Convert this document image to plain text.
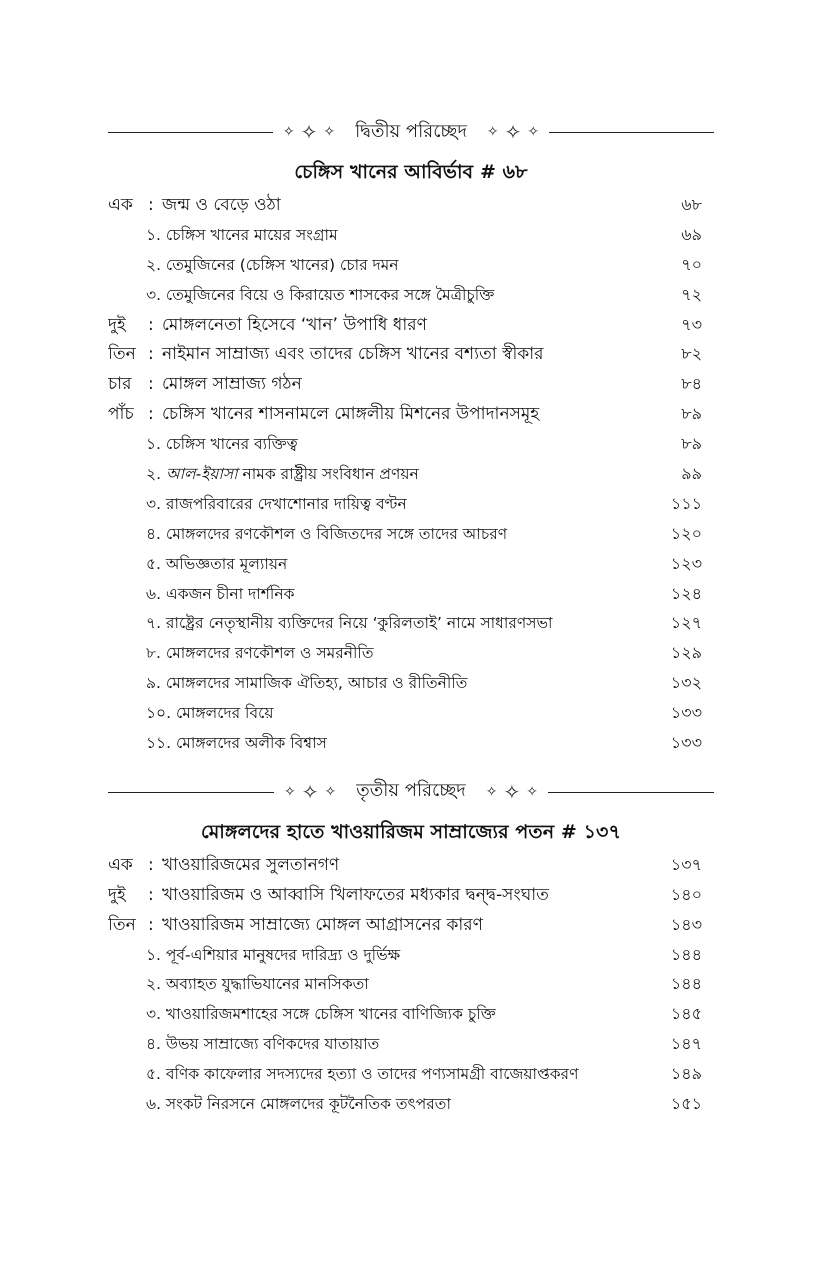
✧ ✧ ✧	দ্বিতীয় পরিচ্ছেদ	✧ ✧ ✧
চেঙ্গিস খানের আবির্ভাব # ৬৮
এক : জন্ম ও বেড়ে ওঠা	৬৮
১. চেঙ্গিস খানের মায়ের সংগ্রাম	৬৯
২. তেমুজিনের (চেঙ্গিস খানের) চোর দমন	৭০
৩. তেমুজিনের বিয়ে ও কিরায়েত শাসকের সঙ্গে মৈত্রীচুক্তি	৭২
দুই : মোঙ্গলনেতা হিসেবে ‘খান’ উপাধি ধারণ	৭৩
তিন : নাইমান সাম্রাজ্য এবং তাদের চেঙ্গিস খানের বশ্যতা স্বীকার	৮২
চার : মোঙ্গল সাম্রাজ্য গঠন	৮৪
পাঁচ : চেঙ্গিস খানের শাসনামলে মোঙ্গলীয় মিশনের উপাদানসমূহ	৮৯
১. চেঙ্গিস খানের ব্যক্তিত্ব	৮৯
২. আল-ইয়াসা নামক রাষ্ট্রীয় সংবিধান প্রণয়ন	৯৯
৩. রাজপরিবারের দেখাশোনার দায়িত্ব বণ্টন	১১১
৪. মোঙ্গলদের রণকৌশল ও বিজিতদের সঙ্গে তাদের আচরণ	১২০
৫. অভিজ্ঞতার মূল্যায়ন	১২৩
৬. একজন চীনা দার্শনিক	১২৪
৭. রাষ্ট্রের নেতৃস্থানীয় ব্যক্তিদের নিয়ে ‘কুরিলতাই’ নামে সাধারণসভা	১২৭
৮. মোঙ্গলদের রণকৌশল ও সমরনীতি	১২৯
৯. মোঙ্গলদের সামাজিক ঐতিহ্য, আচার ও রীতিনীতি	১৩২
১০. মোঙ্গলদের বিয়ে	১৩৩
১১. মোঙ্গলদের অলীক বিশ্বাস	১৩৩
✧ ✧ ✧	তৃতীয় পরিচ্ছেদ	✧ ✧ ✧
মোঙ্গলদের হাতে খাওয়ারিজম সাম্রাজ্যের পতন # ১৩৭
এক : খাওয়ারিজমের সুলতানগণ	১৩৭
দুই : খাওয়ারিজম ও আব্বাসি খিলাফতের মধ্যকার দ্বন্দ্ব-সংঘাত	১৪০
তিন : খাওয়ারিজম সাম্রাজ্যে মোঙ্গল আগ্রাসনের কারণ	১৪৩
১. পূর্ব-এশিয়ার মানুষদের দারিদ্র্য ও দুর্ভিক্ষ	১৪৪
২. অব্যাহত যুদ্ধাভিযানের মানসিকতা	১৪৪
৩. খাওয়ারিজমশাহের সঙ্গে চেঙ্গিস খানের বাণিজ্যিক চুক্তি	১৪৫
৪. উভয় সাম্রাজ্যে বণিকদের যাতায়াত	১৪৭
৫. বণিক কাফেলার সদস্যদের হত্যা ও তাদের পণ্যসামগ্রী বাজেয়াপ্তকরণ	১৪৯
৬. সংকট নিরসনে মোঙ্গলদের কূটনৈতিক তৎপরতা	১৫১
